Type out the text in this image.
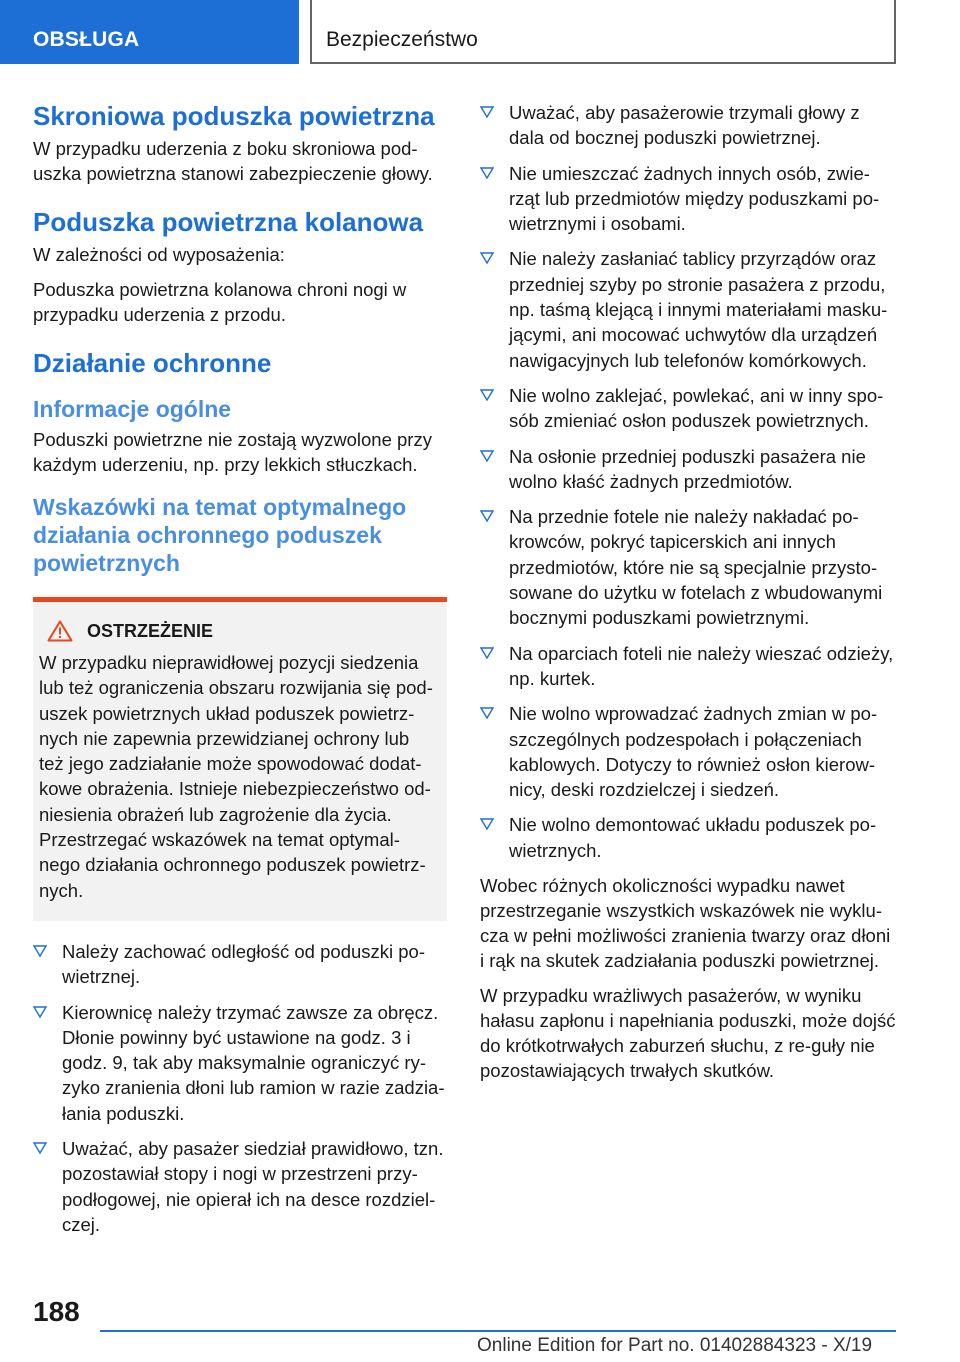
OBSŁUGA	Bezpieczeństwo
Skroniowa poduszka powietrzna

W przypadku uderzenia z boku skroniowa pod-uszka powietrzna stanowi zabezpieczenie głowy.

Poduszka powietrzna kolanowa

W zależności od wyposażenia:

Poduszka powietrzna kolanowa chroni nogi w przypadku uderzenia z przodu.

Działanie ochronne
Informacje ogólne

Poduszki powietrzne nie zostają wyzwolone przy każdym uderzeniu, np. przy lekkich stłuczkach.

Wskazówki na temat optymalnego działania ochronnego poduszek powietrznych
OSTRZEŻENIE

W przypadku nieprawidłowej pozycji siedzenia lub też ograniczenia obszaru rozwijania się pod-uszek powietrznych układ poduszek powietrz-nych nie zapewnia przewidzianej ochrony lub też jego zadziałanie może spowodować dodat-kowe obrażenia. Istnieje niebezpieczeństwo od-niesienia obrażeń lub zagrożenie dla życia. Przestrzegać wskazówek na temat optymal-nego działania ochronnego poduszek powietrz-nych.

Należy zachować odległość od poduszki po-wietrznej.
Kierownicę należy trzymać zawsze za obręcz. Dłonie powinny być ustawione na godz. 3 i godz. 9, tak aby maksymalnie ograniczyć ry-zyko zranienia dłoni lub ramion w razie zadzia-łania poduszki.
Uważać, aby pasażer siedział prawidłowo, tzn. pozostawiał stopy i nogi w przestrzeni przy-podłogowej, nie opierał ich na desce rozdziel-czej.
Uważać, aby pasażerowie trzymali głowy z dala od bocznej poduszki powietrznej.
Nie umieszczać żadnych innych osób, zwie-rząt lub przedmiotów między poduszkami po-wietrznymi i osobami.
Nie należy zasłaniać tablicy przyrządów oraz przedniej szyby po stronie pasażera z przodu, np. taśmą klejącą i innymi materiałami masku-jącymi, ani mocować uchwytów dla urządzeń nawigacyjnych lub telefonów komórkowych.
Nie wolno zaklejać, powlekać, ani w inny spo-sób zmieniać osłon poduszek powietrznych.
Na osłonie przedniej poduszki pasażera nie wolno kłaść żadnych przedmiotów.
Na przednie fotele nie należy nakładać po-krowców, pokryć tapicerskich ani innych przedmiotów, które nie są specjalnie przysto-sowane do użytku w fotelach z wbudowanymi bocznymi poduszkami powietrznymi.
Na oparciach foteli nie należy wieszać odzieży, np. kurtek.
Nie wolno wprowadzać żadnych zmian w po-szczególnych podzespołach i połączeniach kablowych. Dotyczy to również osłon kierow-nicy, deski rozdzielczej i siedzeń.
Nie wolno demontować układu poduszek po-wietrznych.

Wobec różnych okoliczności wypadku nawet przestrzeganie wszystkich wskazówek nie wyklu-cza w pełni możliwości zranienia twarzy oraz dłoni i rąk na skutek zadziałania poduszki powietrznej.

W przypadku wrażliwych pasażerów, w wyniku hałasu zapłonu i napełniania poduszki, może dojść do krótkotrwałych zaburzeń słuchu, z re-guły nie pozostawiających trwałych skutków.

188
Online Edition for Part no. 01402884323 - X/19
